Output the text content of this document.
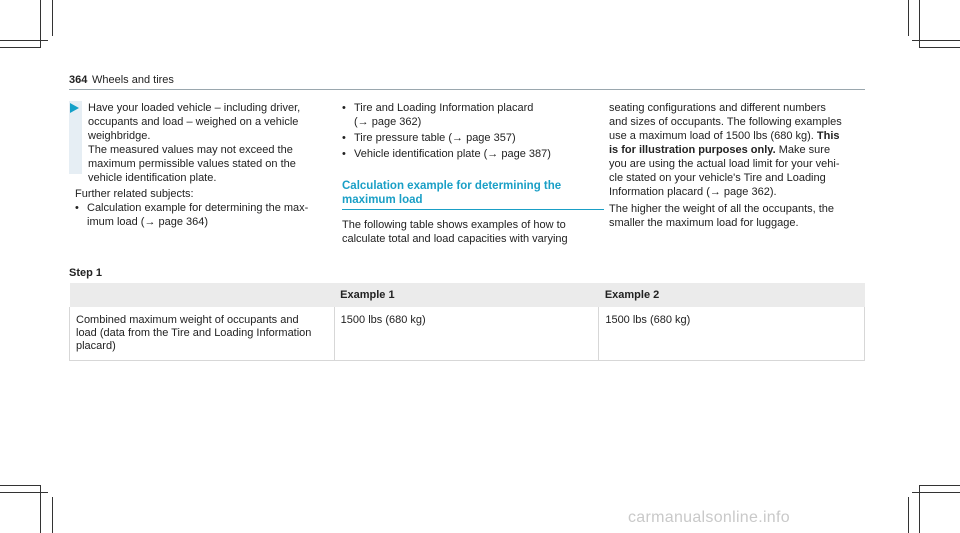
364 Wheels and tires

Have your loaded vehicle – including driver,

occupants and load – weighed on a vehicle

weighbridge.

The measured values may not exceed the

maximum permissible values stated on the

vehicle identification plate.

Further related subjects:

• Calculation example for determining the max-

imum load (→ page 364)

• Tire and Loading Information placard

(→ page 362)

• Tire pressure table (→ page 357)

• Vehicle identification plate (→ page 387)

Calculation example for determining the

maximum load

The following table shows examples of how to

calculate total and load capacities with varying

seating configurations and different numbers

and sizes of occupants. The following examples

use a maximum load of 1500 lbs (680 kg). This

is for illustration purposes only. Make sure

you are using the actual load limit for your vehi-

cle stated on your vehicle's Tire and Loading

Information placard (→ page 362).

The higher the weight of all the occupants, the

smaller the maximum load for luggage.

Step 1
	Example 1	Example 2

Combined maximum weight of occupants and
load (data from the Tire and Loading Information
placard)	1500 lbs (680 kg)	1500 lbs (680 kg)
carmanualsonline.info
